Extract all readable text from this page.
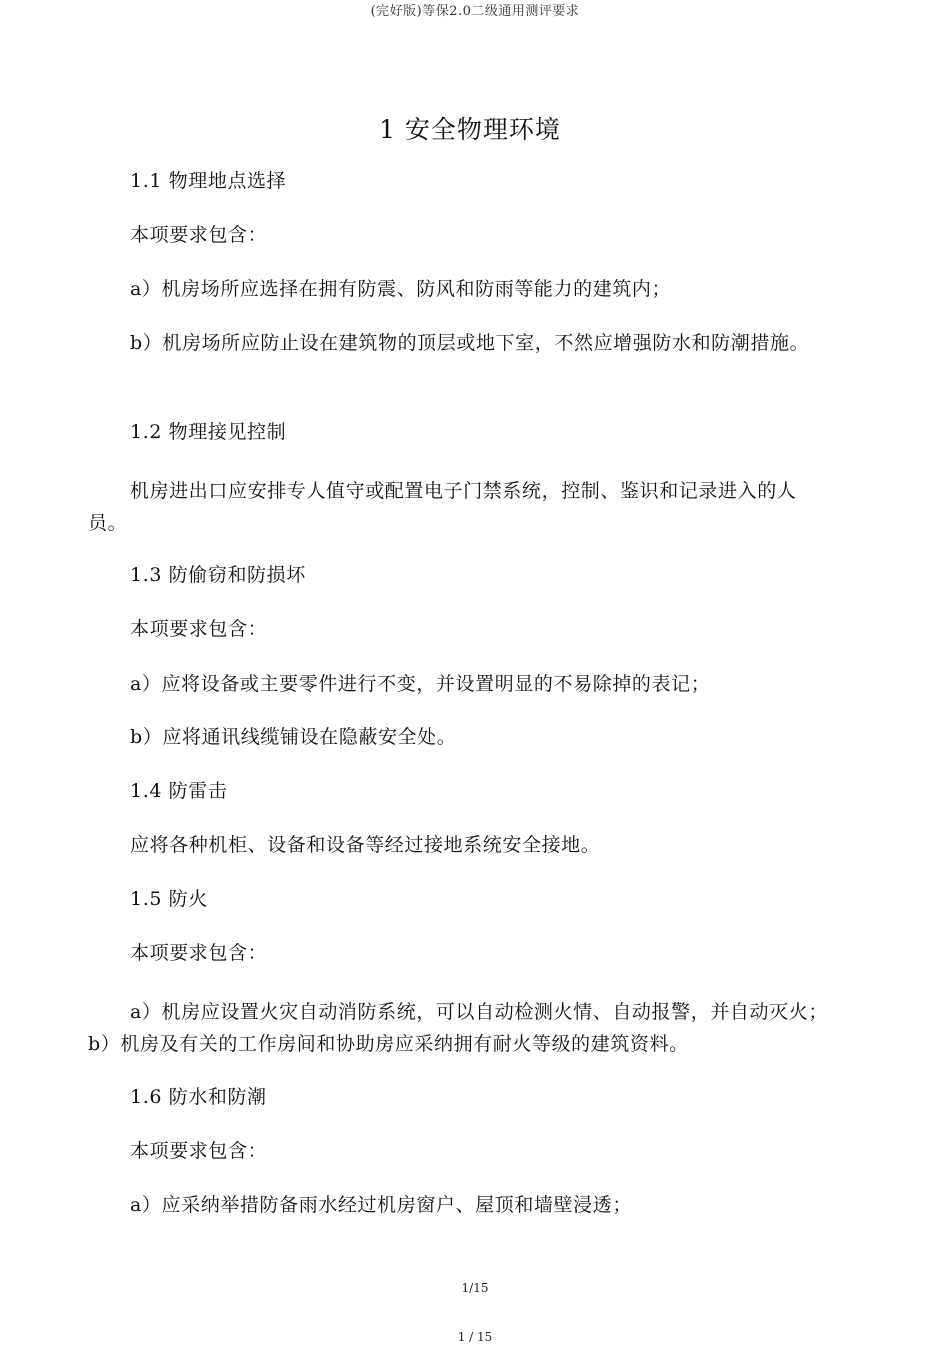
(完好版)等保2.0二级通用测评要求
1 安全物理环境
1.1 物理地点选择
本项要求包含：
a）机房场所应选择在拥有防震、防风和防雨等能力的建筑内；
b）机房场所应防止设在建筑物的顶层或地下室，不然应增强防水和防潮措施。
1.2 物理接见控制
机房进出口应安排专人值守或配置电子门禁系统，控制、鉴识和记录进入的人员。
1.3 防偷窃和防损坏
本项要求包含：
a）应将设备或主要零件进行不变，并设置明显的不易除掉的表记；
b）应将通讯线缆铺设在隐蔽安全处。
1.4 防雷击
应将各种机柜、设备和设备等经过接地系统安全接地。
1.5 防火
本项要求包含：
a）机房应设置火灾自动消防系统，可以自动检测火情、自动报警，并自动灭火； b）机房及有关的工作房间和协助房应采纳拥有耐火等级的建筑资料。
1.6 防水和防潮
本项要求包含：
a）应采纳举措防备雨水经过机房窗户、屋顶和墙壁浸透；
1/15
1 / 15
